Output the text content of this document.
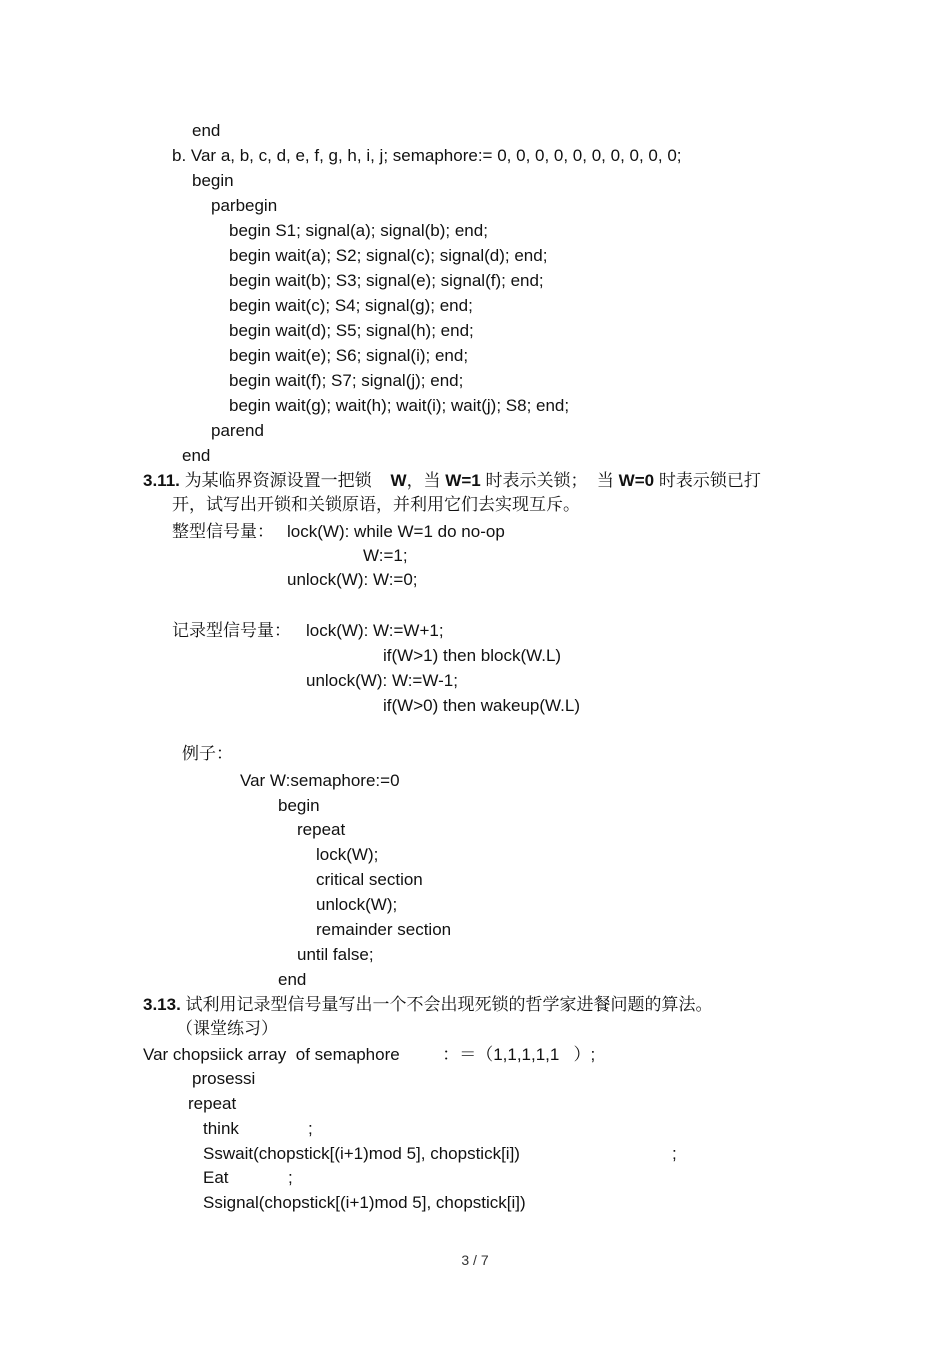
end
b. Var a, b, c, d, e, f, g, h, i, j; semaphore:= 0, 0, 0, 0, 0, 0, 0, 0, 0, 0;
begin
parbegin
begin S1; signal(a); signal(b); end;
begin wait(a); S2; signal(c); signal(d); end;
begin wait(b); S3; signal(e); signal(f); end;
begin wait(c); S4; signal(g); end;
begin wait(d); S5; signal(h); end;
begin wait(e); S6; signal(i); end;
begin wait(f); S7; signal(j); end;
begin wait(g); wait(h); wait(i); wait(j); S8; end;
parend
end
3.11. 为某临界资源设置一把锁 W，当 W=1 时表示关锁；  当 W=0 时表示锁已打
开，试写出开锁和关锁原语，并利用它们去实现互斥。
整型信号量： lock(W): while W=1 do no-op
W:=1;
unlock(W): W:=0;
记录型信号量： lock(W): W:=W+1;
if(W>1) then block(W.L)
unlock(W): W:=W-1;
if(W>0) then wakeup(W.L)
例子：
Var W:semaphore:=0
begin
repeat
lock(W);
critical section
unlock(W);
remainder section
until false;
end
3.13. 试利用记录型信号量写出一个不会出现死锁的哲学家进餐问题的算法。
（课堂练习）
Var chopsiick array  of semaphore         ：＝（1,1,1,1,1   ）;
prosessi
repeat
think	;
Sswait(chopstick[(i+1)mod 5], chopstick[i])	;
Eat	;
Ssignal(chopstick[(i+1)mod 5], chopstick[i])
3 / 7
